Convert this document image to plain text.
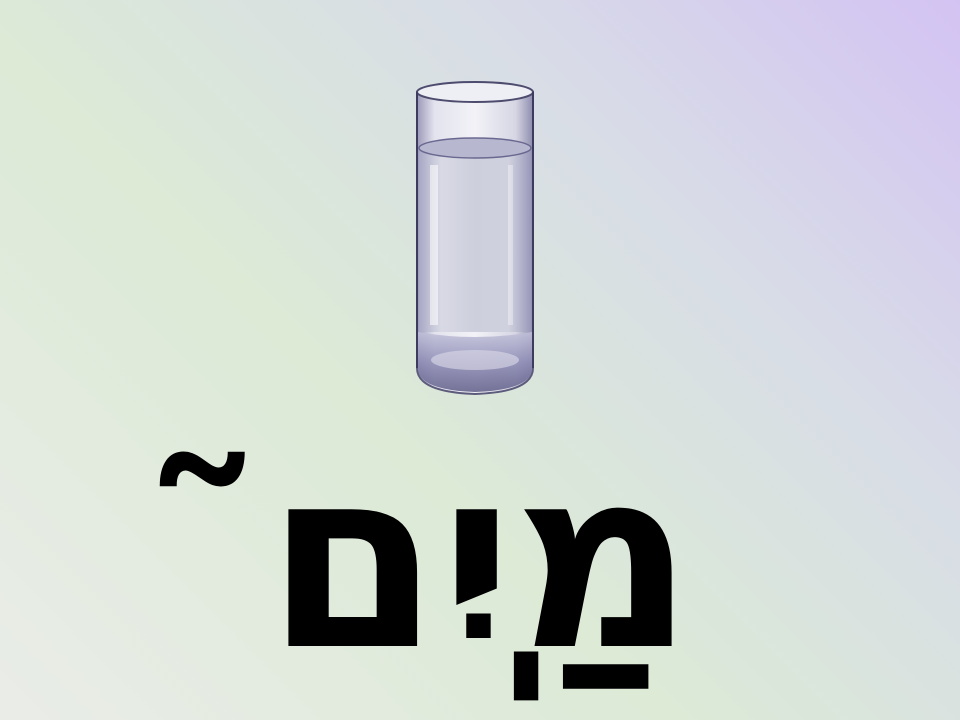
מַיִֽם̃
